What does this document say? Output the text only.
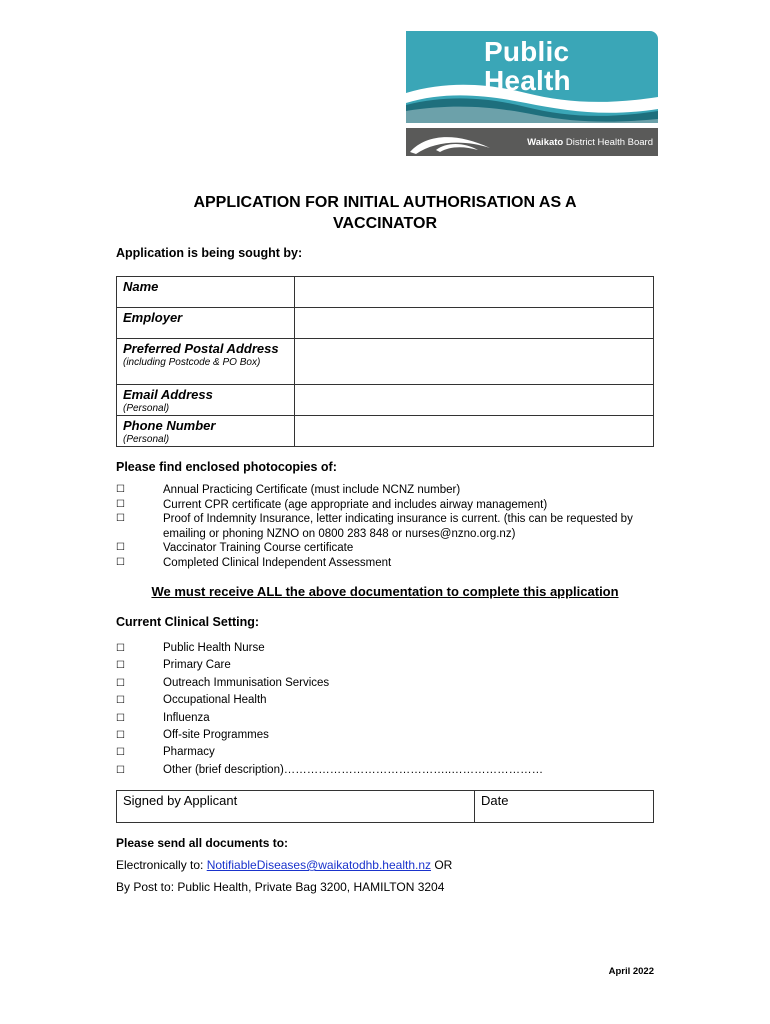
Public
Health
Waikato District Health Board
APPLICATION FOR INITIAL AUTHORISATION AS A
VACCINATOR
Application is being sought by:
Name	

Employer	

Preferred Postal Address
(including Postcode & PO Box)	

Email Address
(Personal)	

Phone Number
(Personal)	

Please find enclosed photocopies of:
☐	Annual Practicing Certificate (must include NCNZ number)
☐	Current CPR certificate (age appropriate and includes airway management)
☐	Proof of Indemnity Insurance, letter indicating insurance is current. (this can be requested by emailing or phoning NZNO on 0800 283 848 or nurses@nzno.org.nz)
☐	Vaccinator Training Course certificate
☐	Completed Clinical Independent Assessment
We must receive ALL the above documentation to complete this application
Current Clinical Setting:
☐	Public Health Nurse
☐	Primary Care
☐	Outreach Immunisation Services
☐	Occupational Health
☐	Influenza
☐	Off-site Programmes
☐	Pharmacy
☐	Other (brief description)……………………………………..……………………
Signed by Applicant	Date
Please send all documents to:
Electronically to: NotifiableDiseases@waikatodhb.health.nz OR
By Post to: Public Health, Private Bag 3200, HAMILTON 3204
April 2022
